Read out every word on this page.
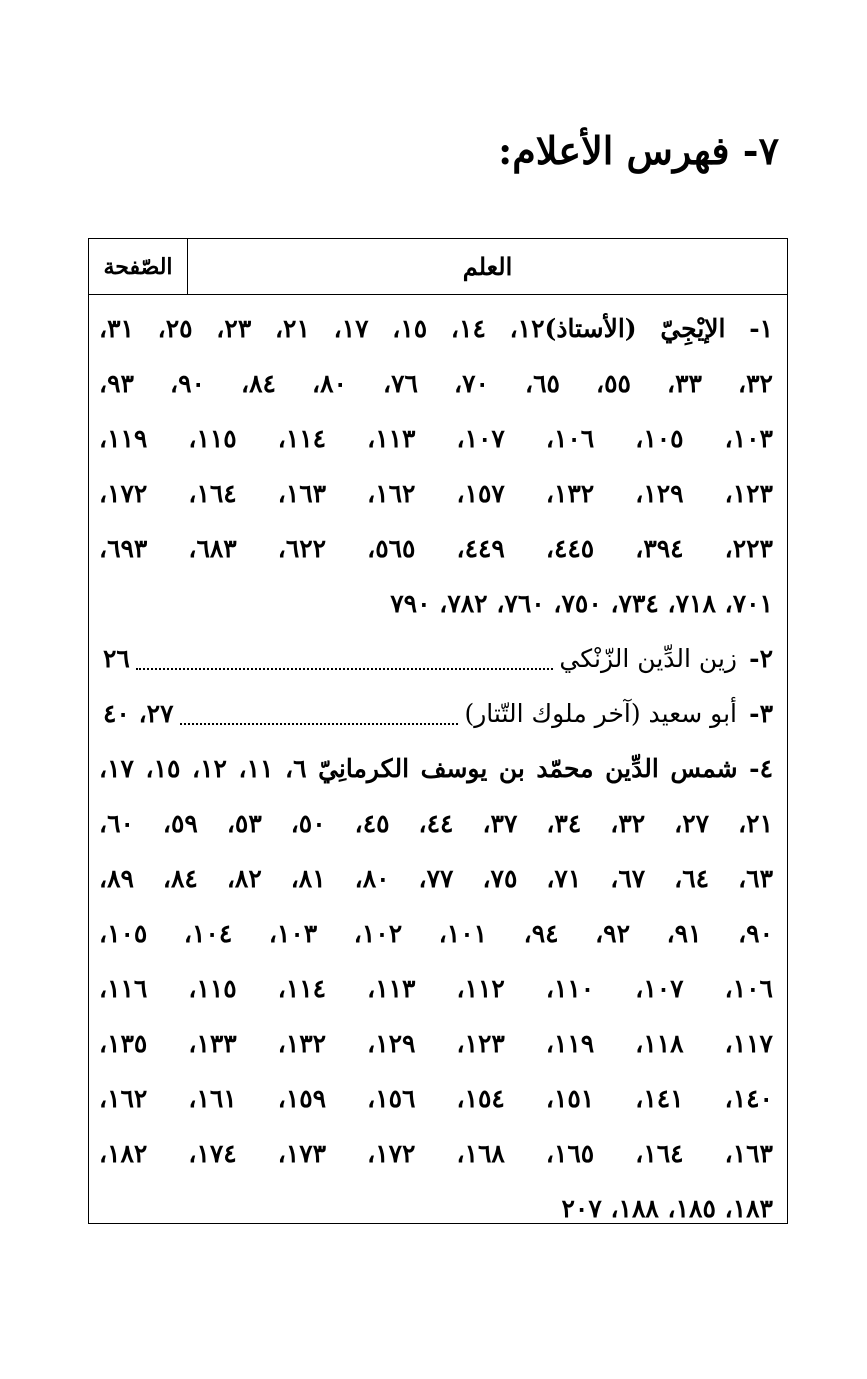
٧- فهرس الأعلام:
العلم
الصّفحة
١- الإيْجِيّ (الأستاذ)١٢، ١٤، ١٥، ١٧، ٢١، ٢٣، ٢٥، ٣١،
٣٢، ٣٣، ٥٥، ٦٥، ٧٠، ٧٦، ٨٠، ٨٤، ٩٠، ٩٣،
١٠٣، ١٠٥، ١٠٦، ١٠٧، ١١٣، ١١٤، ١١٥، ١١٩،
١٢٣، ١٢٩، ١٣٢، ١٥٧، ١٦٢، ١٦٣، ١٦٤، ١٧٢،
٢٢٣، ٣٩٤، ٤٤٥، ٤٤٩، ٥٦٥، ٦٢٢، ٦٨٣، ٦٩٣،
٧٠١، ٧١٨، ٧٣٤، ٧٥٠، ٧٦٠، ٧٨٢، ٧٩٠
٢-
زين الدِّين الزّنْكي
٢٦
٣-
أبو سعيد (آخر ملوك التّتار)
٢٧، ٤٠
٤- شمس الدِّين محمّد بن يوسف الكرمانِيّ ٦، ١١، ١٢، ١٥، ١٧،
٢١، ٢٧، ٣٢، ٣٤، ٣٧، ٤٤، ٤٥، ٥٠، ٥٣، ٥٩، ٦٠،
٦٣، ٦٤، ٦٧، ٧١، ٧٥، ٧٧، ٨٠، ٨١، ٨٢، ٨٤، ٨٩،
٩٠، ٩١، ٩٢، ٩٤، ١٠١، ١٠٢، ١٠٣، ١٠٤، ١٠٥،
١٠٦، ١٠٧، ١١٠، ١١٢، ١١٣، ١١٤، ١١٥، ١١٦،
١١٧، ١١٨، ١١٩، ١٢٣، ١٢٩، ١٣٢، ١٣٣، ١٣٥،
١٤٠، ١٤١، ١٥١، ١٥٤، ١٥٦، ١٥٩، ١٦١، ١٦٢،
١٦٣، ١٦٤، ١٦٥، ١٦٨، ١٧٢، ١٧٣، ١٧٤، ١٨٢،
١٨٣، ١٨٥، ١٨٨، ٢٠٧
